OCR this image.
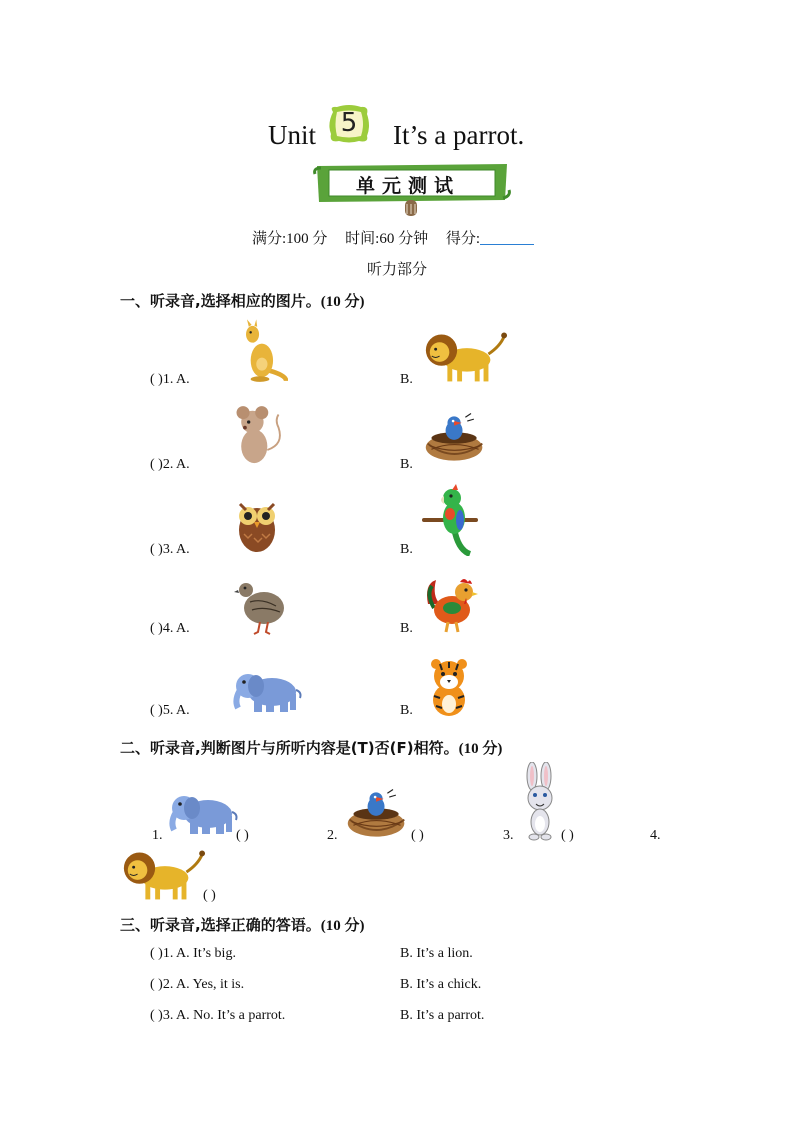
Unit 5	It’s a parrot.
单元测试
满分:100 分 时间:60 分钟 得分:
听力部分
一、听录音,选择相应的图片。(10 分)
( )1. A.	B.
( )2. A.	B.
( )3. A.	B.
( )4. A.	B.
( )5. A.	B.
二、听录音,判断图片与所听内容是(T)否(F)相符。(10 分)
1.	( )	2.	( )	3.	( )	4.
( )
三、听录音,选择正确的答语。(10 分)
( )1. A. It’s big.	B. It’s a lion.
( )2. A. Yes, it is.	B. It’s a chick.
( )3. A. No. It’s a parrot.	B. It’s a parrot.
